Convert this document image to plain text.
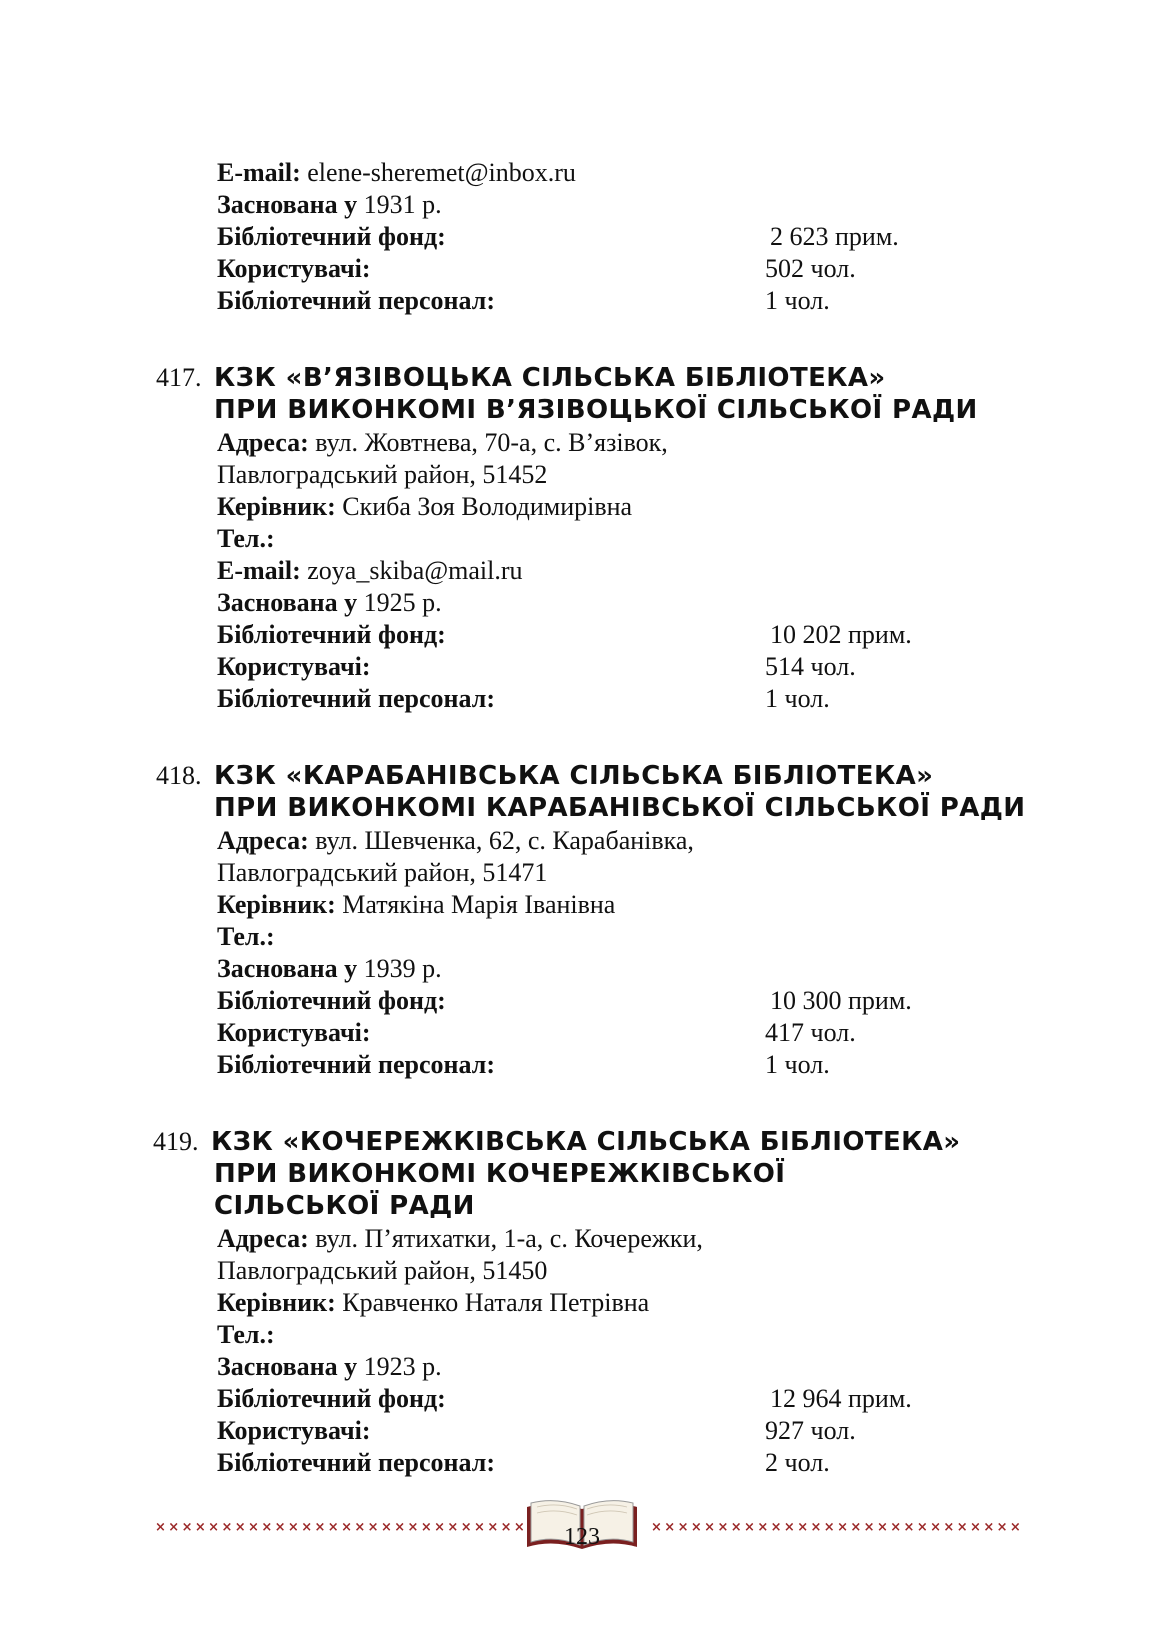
E-mail: elene-sheremet@inbox.ru
Заснована у 1931 р.
Бібліотечний фонд:	2 623 прим.
Користувачі:	502 чол.
Бібліотечний персонал:	1 чол.
417. КЗК «В’ЯЗІВОЦЬКА СІЛЬСЬКА БІБЛІОТЕКА»
ПРИ ВИКОНКОМІ В’ЯЗІВОЦЬКОЇ СІЛЬСЬКОЇ РАДИ
Адреса: вул. Жовтнева, 70-а, с. В’язівок,
Павлоградський район, 51452
Керівник: Скиба Зоя Володимирівна
Тел.:
E-mail: zoya_skiba@mail.ru
Заснована у 1925 р.
Бібліотечний фонд:	10 202 прим.
Користувачі:	514 чол.
Бібліотечний персонал:	1 чол.
418. КЗК «КАРАБАНІВСЬКА СІЛЬСЬКА БІБЛІОТЕКА»
ПРИ ВИКОНКОМІ КАРАБАНІВСЬКОЇ СІЛЬСЬКОЇ РАДИ
Адреса: вул. Шевченка, 62, с. Карабанівка,
Павлоградський район, 51471
Керівник: Матякіна Марія Іванівна
Тел.:
Заснована у 1939 р.
Бібліотечний фонд:	10 300 прим.
Користувачі:	417 чол.
Бібліотечний персонал:	1 чол.
419. КЗК «КОЧЕРЕЖКІВСЬКА СІЛЬСЬКА БІБЛІОТЕКА»
ПРИ ВИКОНКОМІ КОЧЕРЕЖКІВСЬКОЇ
СІЛЬСЬКОЇ РАДИ
Адреса: вул. П’ятихатки, 1-а, с. Кочережки,
Павлоградський район, 51450
Керівник: Кравченко Наталя Петрівна
Тел.:
Заснована у 1923 р.
Бібліотечний фонд:	12 964 прим.
Користувачі:	927 чол.
Бібліотечний персонал:	2 чол.
××××××××××××××××××××××××××××	123	××××××××××××××××××××××××××××
